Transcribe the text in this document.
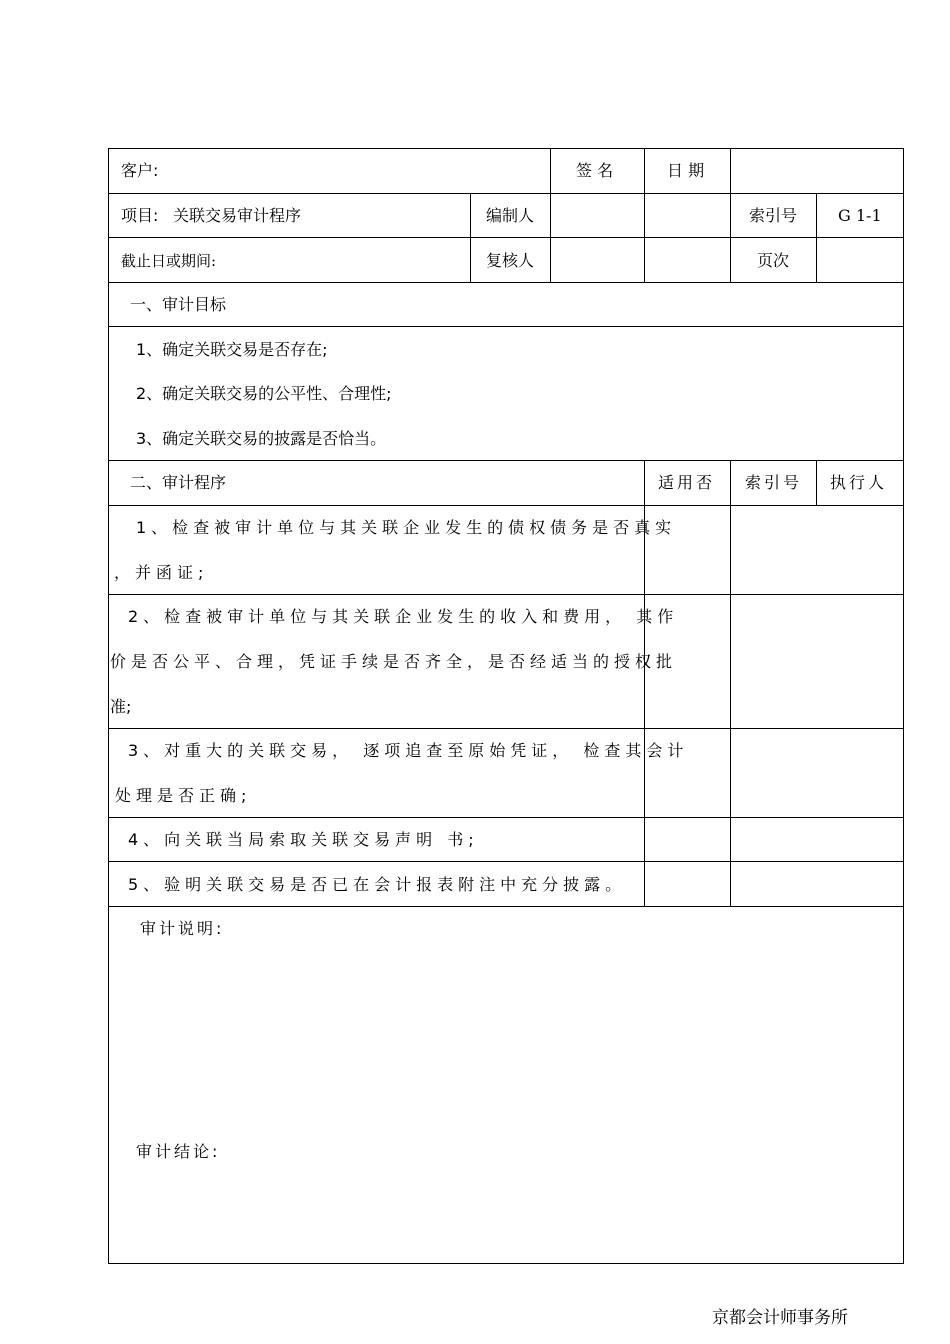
客户:	签 名	日 期
项目: 关联交易审计程序	编制人	索引号	G 1-1
截止日或期间:	复核人	页次
一、审计目标
1、确定关联交易是否存在;
2、确定关联交易的公平性、合理性;
3、确定关联交易的披露是否恰当。
二、审计程序	适用否 索引号 执行人
1、检查被审计单位与其关联企业发生的债权债务是否真实
，并函证;
2、检查被审计单位与其关联企业发生的收入和费用， 其作
价是否公平、合理，凭证手续是否齐全，是否经适当的授权批
准;
3、对重大的关联交易， 逐项追查至原始凭证， 检查其会计
处理是否正确;
4、向关联当局索取关联交易声明 书;
5、验明关联交易是否已在会计报表附注中充分披露。
审计说明:
审计结论:
京都会计师事务所
